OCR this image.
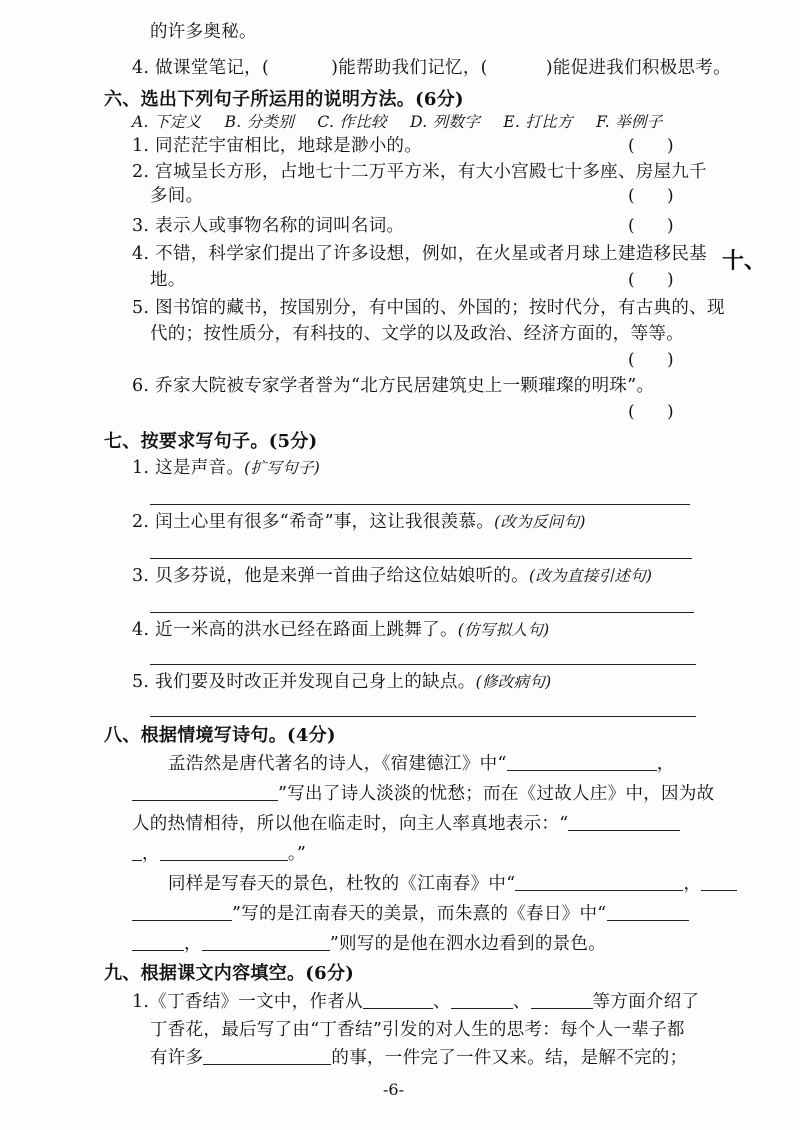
的许多奥秘。
4. 做课堂笔记，(	)能帮助我们记忆，(	)能促进我们积极思考。
六、选出下列句子所运用的说明方法。(6分)
A. 下定义 B. 分类别 C. 作比较 D. 列数字 E. 打比方 F. 举例子
1. 同茫茫宇宙相比，地球是渺小的。	(      )
2. 宫城呈长方形，占地七十二万平方米，有大小宫殿七十多座、房屋九千
多间。	(      )
3. 表示人或事物名称的词叫名词。	(      )
4. 不错，科学家们提出了许多设想，例如，在火星或者月球上建造移民基
地。	(      )
5. 图书馆的藏书，按国别分，有中国的、外国的；按时代分，有古典的、现
代的；按性质分，有科技的、文学的以及政治、经济方面的，等等。
(      )
6. 乔家大院被专家学者誉为“北方民居建筑史上一颗璀璨的明珠”。
(      )
七、按要求写句子。(5分)
1. 这是声音。(扩写句子)
2. 闰土心里有很多“希奇”事，这让我很羡慕。(改为反问句)
3. 贝多芬说，他是来弹一首曲子给这位姑娘听的。(改为直接引述句)
4. 近一米高的洪水已经在路面上跳舞了。(仿写拟人句)
5. 我们要及时改正并发现自己身上的缺点。(修改病句)
八、根据情境写诗句。(4分)
孟浩然是唐代著名的诗人，《宿建德江》中“	，
”写出了诗人淡淡的忧愁；而在《过故人庄》中，因为故
人的热情相待，所以他在临走时，向主人率真地表示：“
，	。”
同样是写春天的景色，杜牧的《江南春》中“	，
”写的是江南春天的美景，而朱熹的《春日》中“
，	”则写的是他在泗水边看到的景色。
九、根据课文内容填空。(6分)
1.《丁香结》一文中，作者从	、	、	等方面介绍了
丁香花，最后写了由“丁香结”引发的对人生的思考：每个人一辈子都
有许多	的事，一件完了一件又来。结，是解不完的；
十、
-6-
